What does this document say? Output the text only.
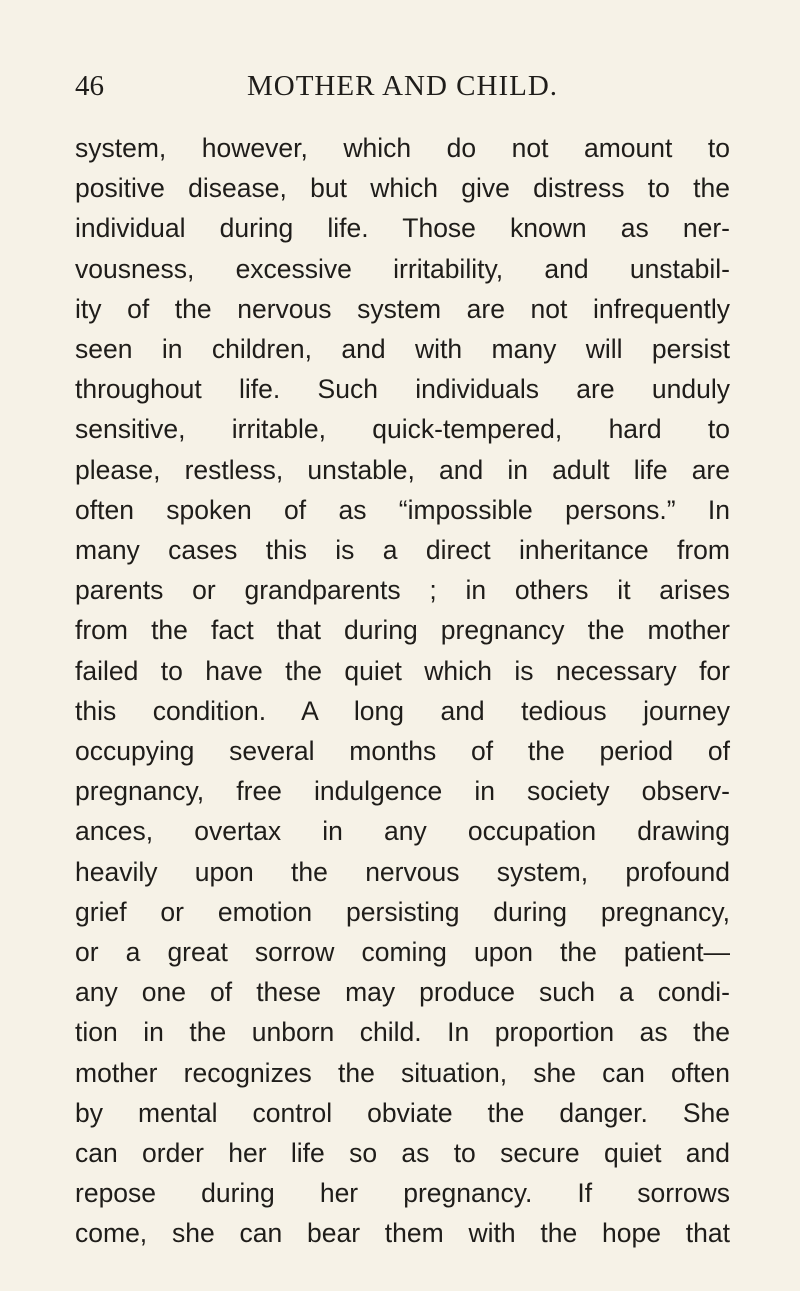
46	MOTHER AND CHILD.
system, however, which do not amount to
positive disease, but which give distress to the
individual during life. Those known as ner-
vousness, excessive irritability, and unstabil-
ity of the nervous system are not infrequently
seen in children, and with many will persist
throughout life. Such individuals are unduly
sensitive, irritable, quick-tempered, hard to
please, restless, unstable, and in adult life are
often spoken of as “impossible persons.” In
many cases this is a direct inheritance from
parents or grandparents ; in others it arises
from the fact that during pregnancy the mother
failed to have the quiet which is necessary for
this condition. A long and tedious journey
occupying several months of the period of
pregnancy, free indulgence in society observ-
ances, overtax in any occupation drawing
heavily upon the nervous system, profound
grief or emotion persisting during pregnancy,
or a great sorrow coming upon the patient—
any one of these may produce such a condi-
tion in the unborn child. In proportion as the
mother recognizes the situation, she can often
by mental control obviate the danger. She
can order her life so as to secure quiet and
repose during her pregnancy. If sorrows
come, she can bear them with the hope that
